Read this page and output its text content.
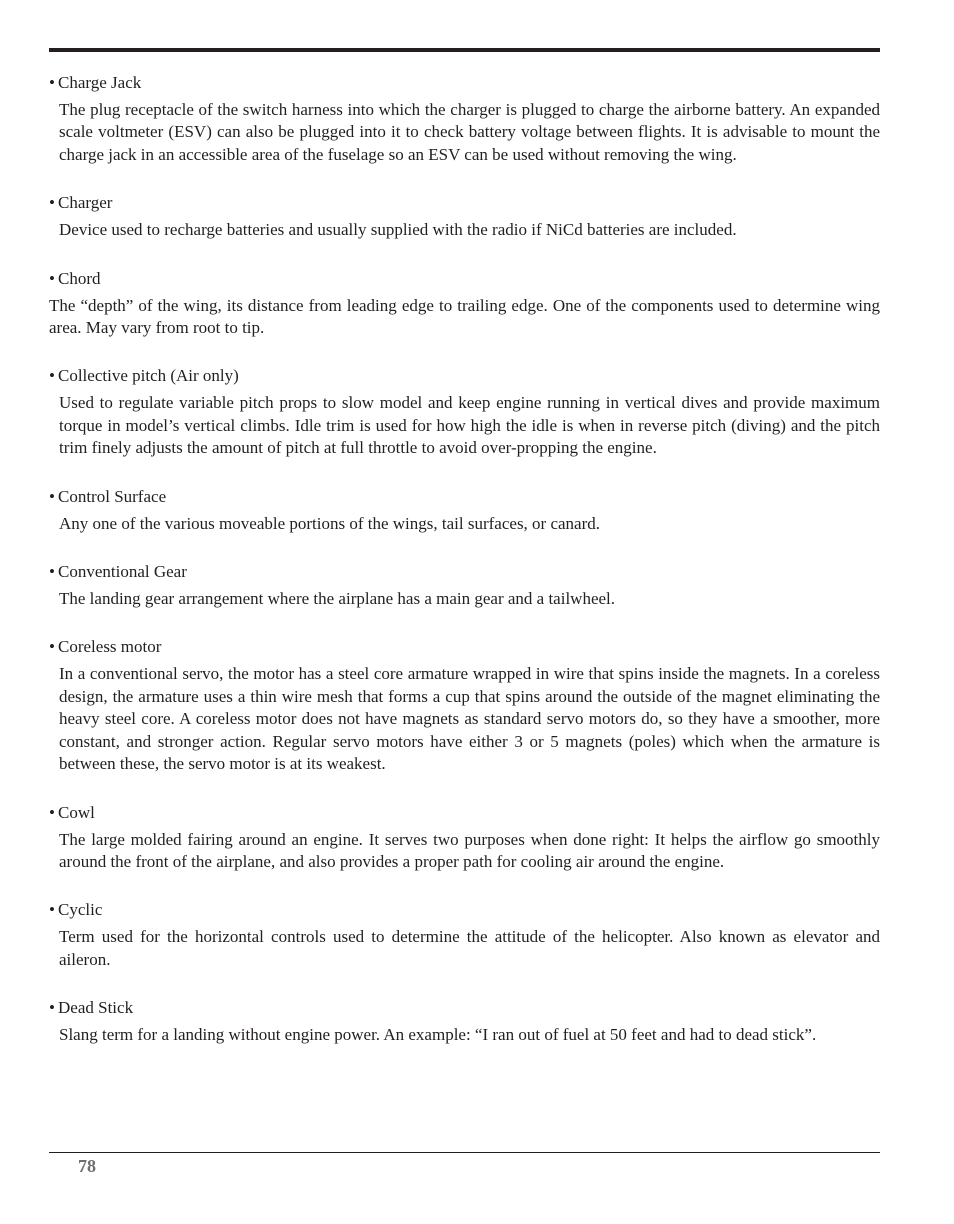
• Charge Jack

The plug receptacle of the switch harness into which the charger is plugged to charge the airborne battery. An expanded scale voltmeter (ESV) can also be plugged into it to check battery voltage between flights. It is advisable to mount the charge jack in an accessible area of the fuselage so an ESV can be used without removing the wing.

• Charger

Device used to recharge batteries and usually supplied with the radio if NiCd batteries are included.

• Chord

The “depth” of the wing, its distance from leading edge to trailing edge. One of the components used to determine wing area. May vary from root to tip.

• Collective pitch (Air only)

Used to regulate variable pitch props to slow model and keep engine running in vertical dives and provide maximum torque in model’s vertical climbs. Idle trim is used for how high the idle is when in reverse pitch (diving) and the pitch trim finely adjusts the amount of pitch at full throttle to avoid over-propping the engine.

• Control Surface

Any one of the various moveable portions of the wings, tail surfaces, or canard.

• Conventional Gear

The landing gear arrangement where the airplane has a main gear and a tailwheel.

• Coreless motor

In a conventional servo, the motor has a steel core armature wrapped in wire that spins inside the magnets. In a coreless design, the armature uses a thin wire mesh that forms a cup that spins around the outside of the magnet eliminating the heavy steel core. A coreless motor does not have magnets as standard servo motors do, so they have a smoother, more constant, and stronger action. Regular servo motors have either 3 or 5 magnets (poles) which when the armature is between these, the servo motor is at its weakest.

• Cowl

The large molded fairing around an engine. It serves two purposes when done right: It helps the airflow go smoothly around the front of the airplane, and also provides a proper path for cooling air around the engine.

• Cyclic

Term used for the horizontal controls used to determine the attitude of the helicopter. Also known as elevator and aileron.

• Dead Stick

Slang term for a landing without engine power. An example: “I ran out of fuel at 50 feet and had to dead stick”.

78
